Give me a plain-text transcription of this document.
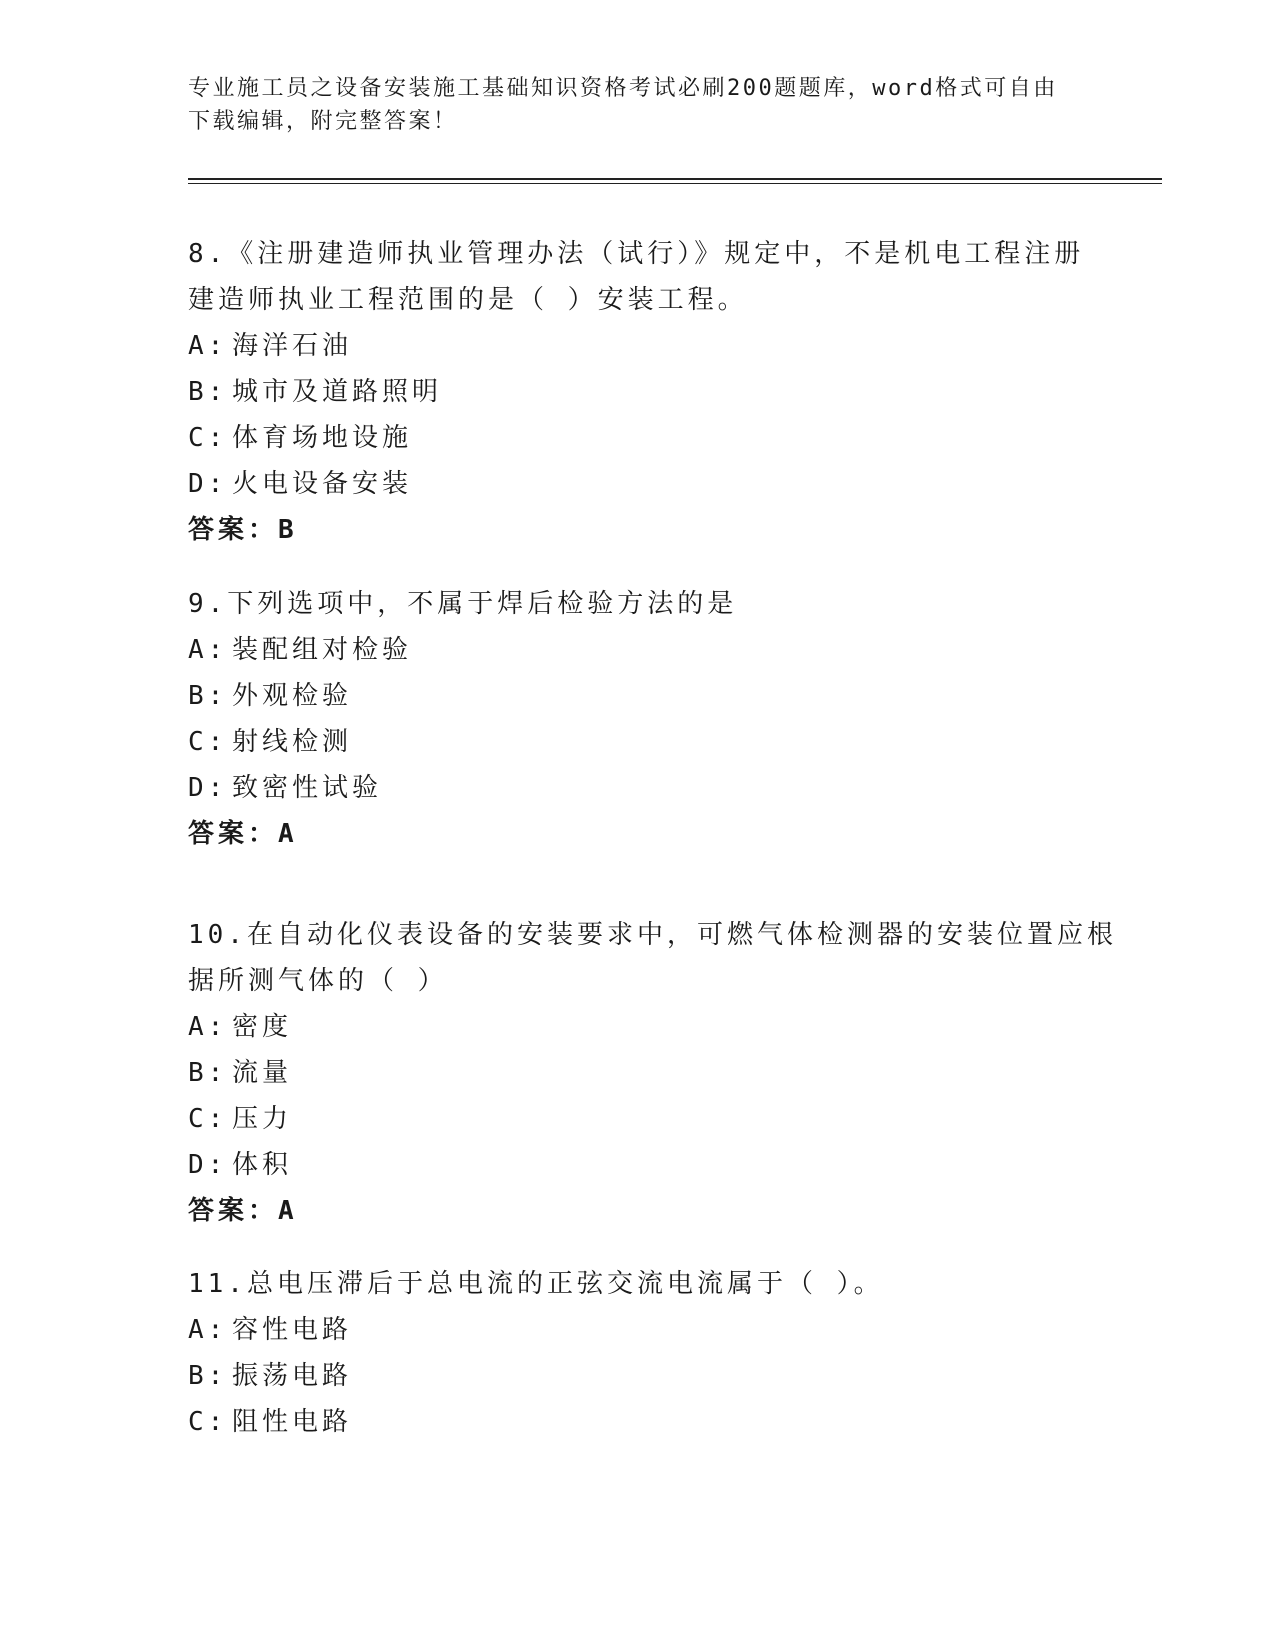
专业施工员之设备安装施工基础知识资格考试必刷200题题库，word格式可自由
下载编辑，附完整答案！
8.《注册建造师执业管理办法（试行）》规定中，不是机电工程注册
建造师执业工程范围的是（ ）安装工程。
A: 海洋石油
B: 城市及道路照明
C: 体育场地设施
D: 火电设备安装
答案：B
9.下列选项中，不属于焊后检验方法的是
A: 装配组对检验
B: 外观检验
C: 射线检测
D: 致密性试验
答案：A
10.在自动化仪表设备的安装要求中，可燃气体检测器的安装位置应根
据所测气体的（ ）
A: 密度
B: 流量
C: 压力
D: 体积
答案：A
11.总电压滞后于总电流的正弦交流电流属于（ ）。
A: 容性电路
B: 振荡电路
C: 阻性电路
